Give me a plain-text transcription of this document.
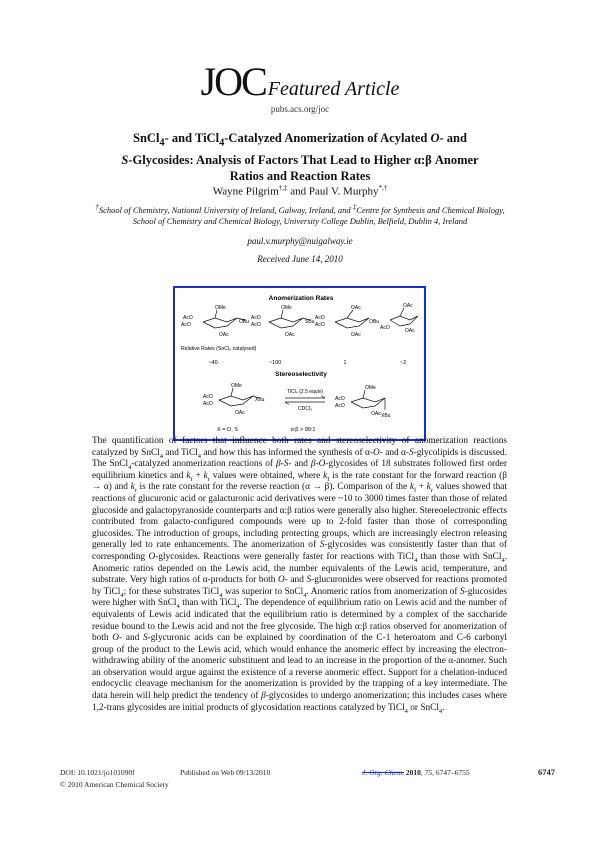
JOC Featured Article
pubs.acs.org/joc
SnCl$_4$- and TiCl$_4$-Catalyzed Anomerization of Acylated O- and
S-Glycosides: Analysis of Factors That Lead to Higher α:β Anomer
Ratios and Reaction Rates
Wayne Pilgrim†,‡ and Paul V. Murphy*,†
†School of Chemistry, National University of Ireland, Galway, Ireland, and ‡Centre for Synthesis and Chemical Biology, School of Chemistry and Chemical Biology, University College Dublin, Belfield, Dublin 4, Ireland
paul.v.murphy@nuigalway.ie
Received June 14, 2010
Anomerization Rates
OMe
AcO
AcO	OBu
OAc
OMe
AcO
AcO	SBu
OAc
OAc
AcO
AcO	OBu
OAc
OAc
AcO	OAc
Relative Rates (SnCl₄ catalysed)
~40	~100	1	~2
Stereoselectivity
OMe
AcO
AcO
XBu
OAc
TiCl₄ (2.5 equiv)
CDCl₃
OMe
AcO
AcO
OAc XBu
X = O, S	α:β > 99:1
The quantification of factors that influence both rates and stereoselectivity of anomerization reactions catalyzed by SnCl$_4$ and TiCl$_4$ and how this has informed the synthesis of α-O- and α-S-glycolipids is discussed. The SnCl$_4$-catalyzed anomerization reactions of β-S- and β-O-glycosides of 18 substrates followed first order equilibrium kinetics and $k_f + k_r$ values were obtained, where $k_f$ is the rate constant for the forward reaction (β → α) and $k_r$ is the rate constant for the reverse reaction (α → β). Comparison of the $k_f + k_r$ values showed that reactions of glucuronic acid or galacturonic acid derivatives were ~10 to 3000 times faster than those of related glucoside and galactopyranoside counterparts and α:β ratios were generally also higher. Stereoelectronic effects contributed from galacto-configured compounds were up to 2-fold faster than those of corresponding glucosides. The introduction of groups, including protecting groups, which are increasingly electron releasing generally led to rate enhancements. The anomerization of S-glycosides was consistently faster than that of corresponding O-glycosides. Reactions were generally faster for reactions with TiCl$_4$ than those with SnCl$_4$. Anomeric ratios depended on the Lewis acid, the number equivalents of the Lewis acid, temperature, and substrate. Very high ratios of α-products for both O- and S-glucuronides were observed for reactions promoted by TiCl$_4$; for these substrates TiCl$_4$ was superior to SnCl$_4$. Anomeric ratios from anomerization of S-glucosides were higher with SnCl$_4$ than with TiCl$_4$. The dependence of equilibrium ratio on Lewis acid and the number of equivalents of Lewis acid indicated that the equilibrium ratio is determined by a complex of the saccharide residue bound to the Lewis acid and not the free glycoside. The high α:β ratios observed for anomerization of both O- and S-glycuronic acids can be explained by coordination of the C-1 heteroatom and C-6 carbonyl group of the product to the Lewis acid, which would enhance the anomeric effect by increasing the electron-withdrawing ability of the anomeric substituent and lead to an increase in the proportion of the α-anomer. Such an observation would argue against the existence of a reverse anomeric effect. Support for a chelation-induced endocyclic cleavage mechanism for the anomerization is provided by the trapping of a key intermediate. The data herein will help predict the tendency of β-glycosides to undergo anomerization; this includes cases where 1,2-trans glycosides are initial products of glycosidation reactions catalyzed by TiCl$_4$ or SnCl$_4$.
DOI: 10.1021/jo101090f
© 2010 American Chemical Society
Published on Web 09/13/2010	J. Org. Chem. 2010, 75, 6747–6755	6747
